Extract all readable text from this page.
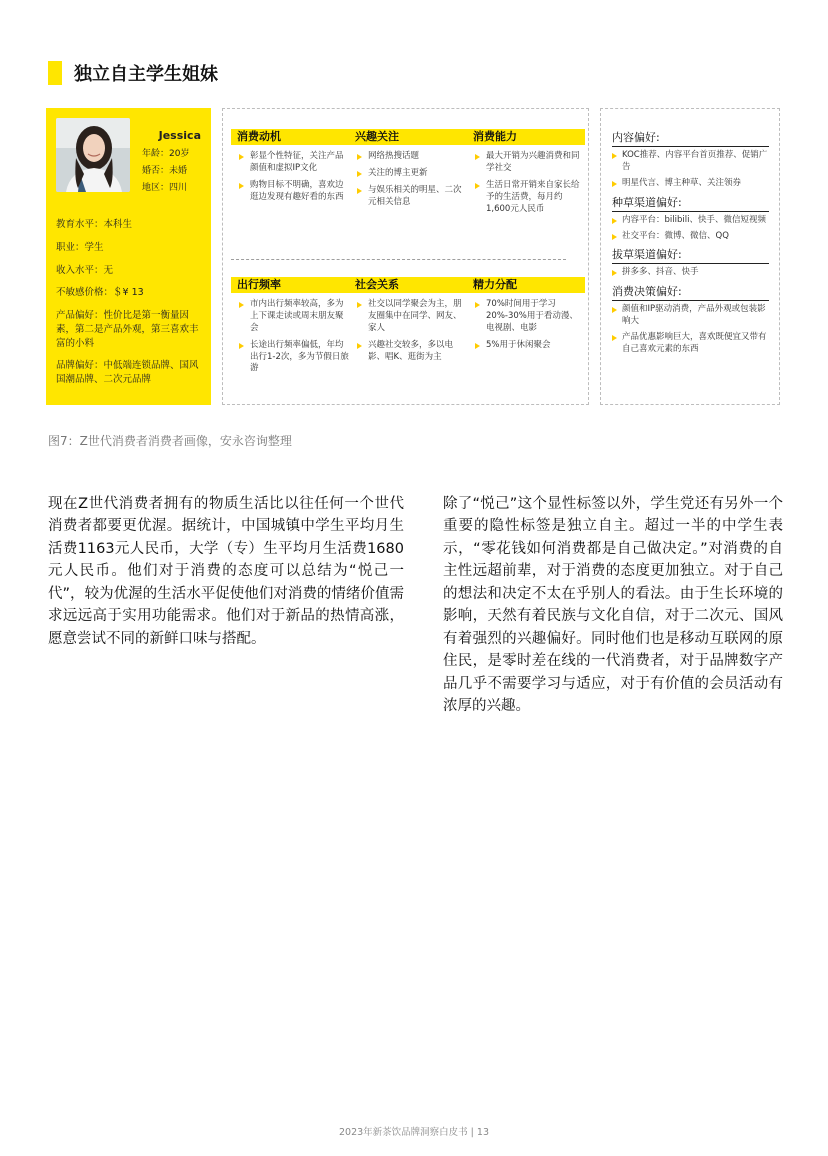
独立自主学生姐妹
Jessica
年龄：20岁
婚否：未婚
地区：四川
教育水平：本科生
职业：学生
收入水平：无
不敏感价格：＄¥ 13
产品偏好：性价比是第一衡量因素，第二是产品外观，第三喜欢丰富的小料
品牌偏好：中低端连锁品牌、国风国潮品牌、二次元品牌
消费动机
彰显个性特征，关注产品颜值和虚拟IP文化
购物目标不明确，喜欢边逛边发现有趣好看的东西
兴趣关注
网络热搜话题
关注的博主更新
与娱乐相关的明星、二次元相关信息
消费能力
最大开销为兴趣消费和同学社交
生活日常开销来自家长给予的生活费，每月约1,600元人民币
出行频率
市内出行频率较高，多为上下课走读或周末朋友聚会
长途出行频率偏低，年均出行1-2次，多为节假日旅游
社会关系
社交以同学聚会为主，朋友圈集中在同学、网友、家人
兴趣社交较多，多以电影、唱K、逛街为主
精力分配
70%时间用于学习 20%-30%用于看动漫、电视剧、电影
5%用于休闲聚会
内容偏好:
KOC推荐、内容平台首页推荐、促销广告
明星代言、博主种草、关注领券
种草渠道偏好:
内容平台：bilibili、快手、微信短视频
社交平台：微博、微信、QQ
拔草渠道偏好:
拼多多、抖音、快手
消费决策偏好:
颜值和IP驱动消费，产品外观或包装影响大
产品优惠影响巨大，喜欢既便宜又带有自己喜欢元素的东西
图7：Z世代消费者消费者画像，安永咨询整理
现在Z世代消费者拥有的物质生活比以往任何一个世代消费者都要更优渥。据统计，中国城镇中学生平均月生活费1163元人民币，大学（专）生平均月生活费1680元人民币。他们对于消费的态度可以总结为“悦己一代”，较为优渥的生活水平促使他们对消费的情绪价值需求远远高于实用功能需求。他们对于新品的热情高涨，愿意尝试不同的新鲜口味与搭配。
除了“悦己”这个显性标签以外，学生党还有另外一个重要的隐性标签是独立自主。超过一半的中学生表示，“零花钱如何消费都是自己做决定。”对消费的自主性远超前辈，对于消费的态度更加独立。对于自己的想法和决定不太在乎别人的看法。由于生长环境的影响，天然有着民族与文化自信，对于二次元、国风有着强烈的兴趣偏好。同时他们也是移动互联网的原住民，是零时差在线的一代消费者，对于品牌数字产品几乎不需要学习与适应，对于有价值的会员活动有浓厚的兴趣。
2023年新茶饮品牌洞察白皮书 | 13
